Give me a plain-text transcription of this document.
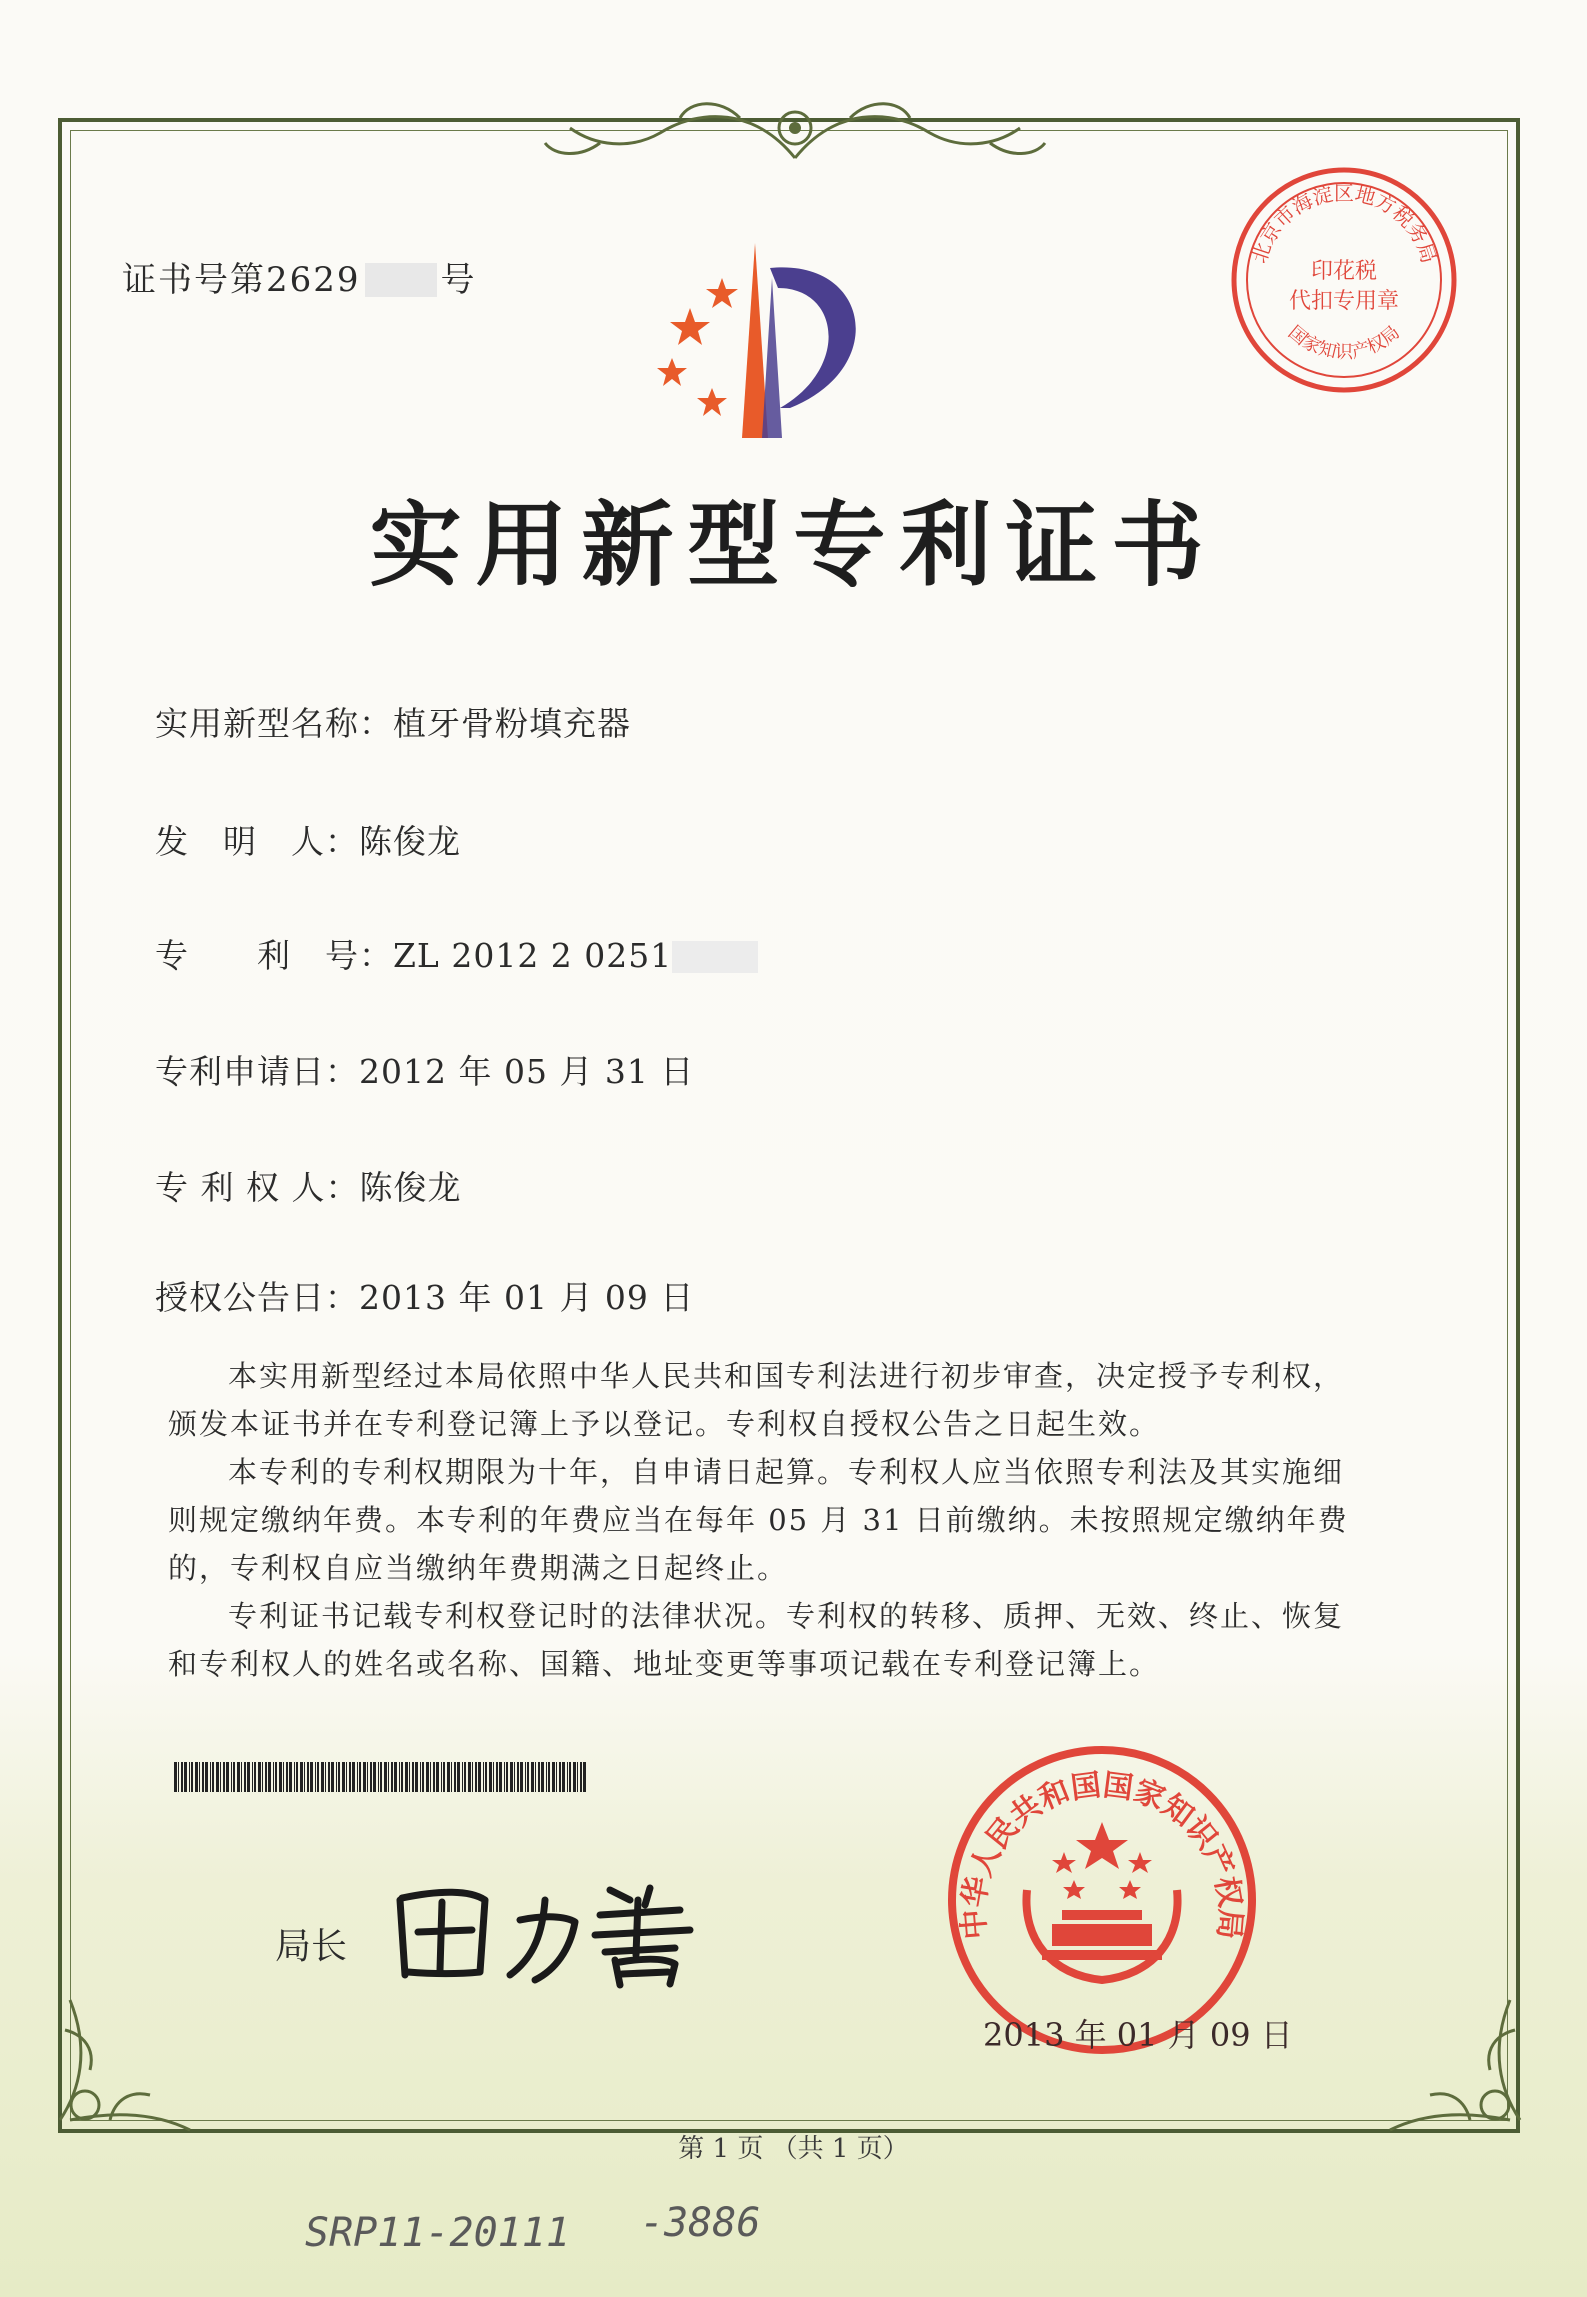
证书号第2629 号
北京市海淀区地方税务局
国家知识产权局
印花税
代扣专用章
实用新型专利证书
实用新型名称：植牙骨粉填充器
发　明　人：陈俊龙
专　　利　号：ZL 2012 2 0251
专利申请日：2012 年 05 月 31 日
专 利 权 人：陈俊龙
授权公告日：2013 年 01 月 09 日

本实用新型经过本局依照中华人民共和国专利法进行初步审查，决定授予专利权，颁发本证书并在专利登记簿上予以登记。专利权自授权公告之日起生效。

本专利的专利权期限为十年，自申请日起算。专利权人应当依照专利法及其实施细则规定缴纳年费。本专利的年费应当在每年 05 月 31 日前缴纳。未按照规定缴纳年费的，专利权自应当缴纳年费期满之日起终止。

专利证书记载专利权登记时的法律状况。专利权的转移、质押、无效、终止、恢复和专利权人的姓名或名称、国籍、地址变更等事项记载在专利登记簿上。

局长
中华人民共和国国家知识产权局
2013 年 01 月 09 日
第 1 页 （共 1 页）
SRP11-20111 -3886
